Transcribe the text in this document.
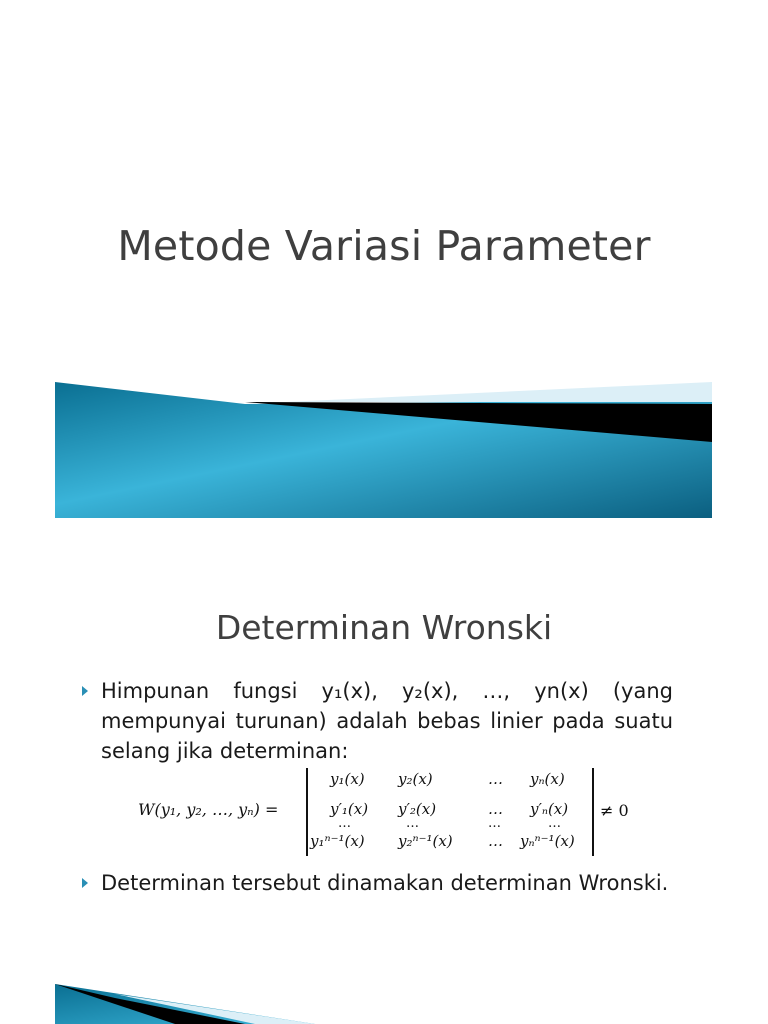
Metode Variasi Parameter
Determinan Wronski
Himpunan fungsi y₁(x), y₂(x), …, yn(x) (yang mempunyai turunan) adalah bebas linier pada suatu selang jika determinan:
W(y₁, y₂, …, yₙ) =
y₁(x) y₂(x)	… yₙ(x)
y′₁(x) y′₂(x)	… y′ₙ(x)
…	…	…	…
y₁ⁿ⁻¹(x) y₂ⁿ⁻¹(x) … yₙⁿ⁻¹(x)
≠ 0
Determinan tersebut dinamakan determinan Wronski.
